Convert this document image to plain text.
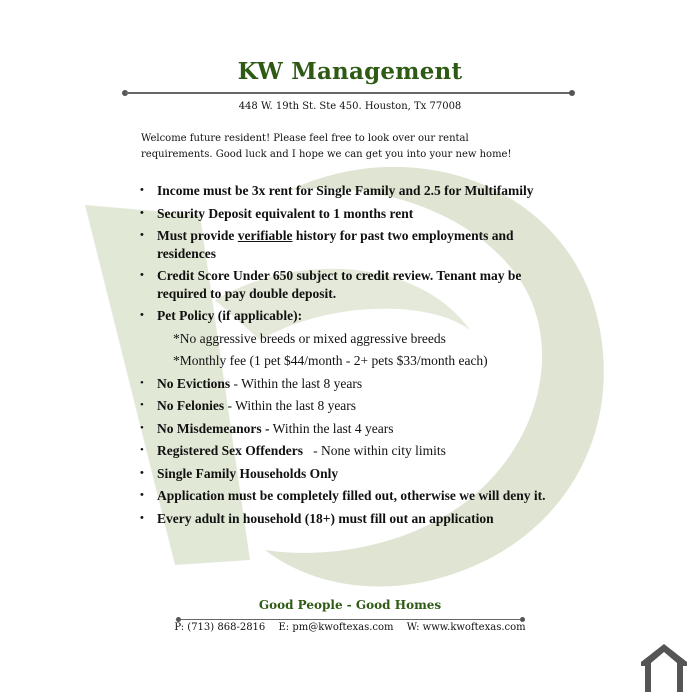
KW Management
448 W. 19th St. Ste 450. Houston, Tx 77008
Welcome future resident! Please feel free to look over our rental requirements. Good luck and I hope we can get you into your new home!
• Income must be 3x rent for Single Family and 2.5 for Multifamily
• Security Deposit equivalent to 1 months rent
• Must provide verifiable history for past two employments and residences
• Credit Score Under 650 subject to credit review. Tenant may be required to pay double deposit.
• Pet Policy (if applicable):
*No aggressive breeds or mixed aggressive breeds
*Monthly fee (1 pet $44/month - 2+ pets $33/month each)
• No Evictions - Within the last 8 years
• No Felonies - Within the last 8 years
• No Misdemeanors - Within the last 4 years
• Registered Sex Offenders - None within city limits
• Single Family Households Only
• Application must be completely filled out, otherwise we will deny it.
• Every adult in household (18+) must fill out an application
Good People - Good Homes
P: (713) 868-2816 E: pm@kwoftexas.com W: www.kwoftexas.com
